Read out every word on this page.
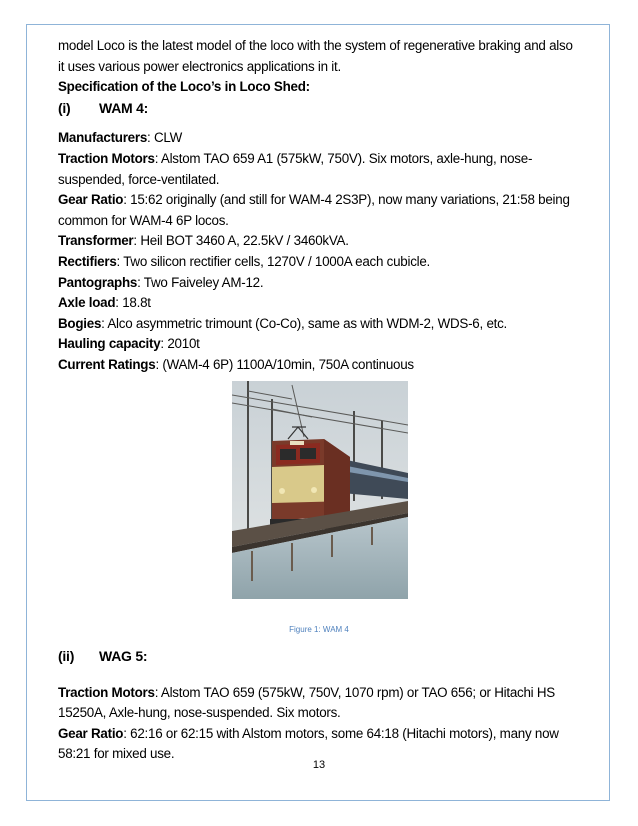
model Loco is the latest model of the loco with the system of regenerative braking and also

it uses various power electronics applications in it.

Specification of the Loco’s in Loco Shed:

(i)	WAM 4:

Manufacturers: CLW

Traction Motors: Alstom TAO 659 A1 (575kW, 750V). Six motors, axle-hung, nose-

suspended, force-ventilated.

Gear Ratio: 15:62 originally (and still for WAM-4 2S3P), now many variations, 21:58 being

common for WAM-4 6P locos.

Transformer: Heil BOT 3460 A, 22.5kV / 3460kVA.

Rectifiers: Two silicon rectifier cells, 1270V / 1000A each cubicle.

Pantographs: Two Faiveley AM-12.

Axle load: 18.8t

Bogies: Alco asymmetric trimount (Co-Co), same as with WDM-2, WDS-6, etc.

Hauling capacity: 2010t

Current Ratings: (WAM-4 6P) 1100A/10min, 750A continuous

Figure 1: WAM 4
(ii)	WAG 5:

Traction Motors: Alstom TAO 659 (575kW, 750V, 1070 rpm) or TAO 656; or Hitachi HS

15250A, Axle-hung, nose-suspended. Six motors.

Gear Ratio: 62:16 or 62:15 with Alstom motors, some 64:18 (Hitachi motors), many now

58:21 for mixed use.

13
